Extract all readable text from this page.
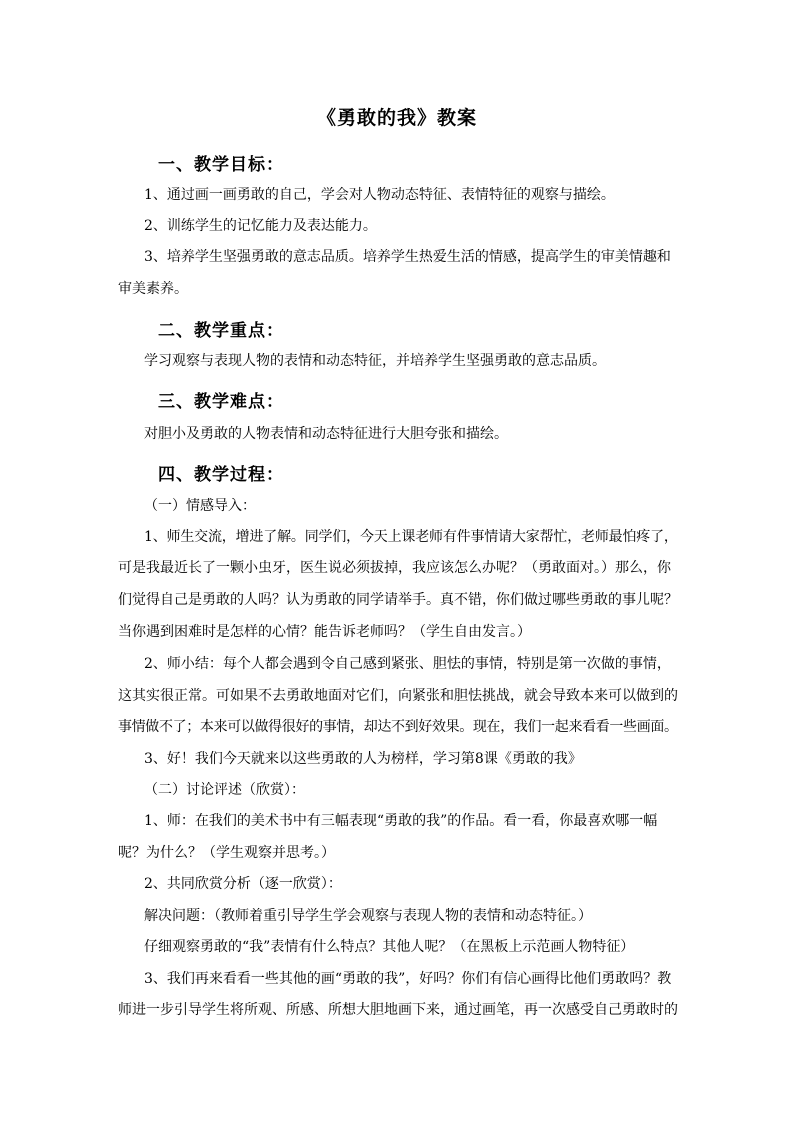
《勇敢的我》教案
一、教学目标：
1、通过画一画勇敢的自己，学会对人物动态特征、表情特征的观察与描绘。
2、训练学生的记忆能力及表达能力。
3、培养学生坚强勇敢的意志品质。培养学生热爱生活的情感，提高学生的审美情趣和
审美素养。
二、教学重点：
学习观察与表现人物的表情和动态特征，并培养学生坚强勇敢的意志品质。
三、教学难点：
对胆小及勇敢的人物表情和动态特征进行大胆夸张和描绘。
四、教学过程：
（一）情感导入：
1、师生交流，增进了解。同学们，今天上课老师有件事情请大家帮忙，老师最怕疼了，
可是我最近长了一颗小虫牙，医生说必须拔掉，我应该怎么办呢？（勇敢面对。）那么，你
们觉得自己是勇敢的人吗？认为勇敢的同学请举手。真不错，你们做过哪些勇敢的事儿呢？
当你遇到困难时是怎样的心情？能告诉老师吗？（学生自由发言。）
2、师小结：每个人都会遇到令自己感到紧张、胆怯的事情，特别是第一次做的事情，
这其实很正常。可如果不去勇敢地面对它们，向紧张和胆怯挑战，就会导致本来可以做到的
事情做不了；本来可以做得很好的事情，却达不到好效果。现在，我们一起来看看一些画面。
3、好！我们今天就来以这些勇敢的人为榜样，学习第8课《勇敢的我》
（二）讨论评述（欣赏）：
1、师：在我们的美术书中有三幅表现“勇敢的我”的作品。看一看，你最喜欢哪一幅
呢？为什么？（学生观察并思考。）
2、共同欣赏分析（逐一欣赏）：
解决问题：（教师着重引导学生学会观察与表现人物的表情和动态特征。）
仔细观察勇敢的“我”表情有什么特点？其他人呢？（在黑板上示范画人物特征）
3、我们再来看看一些其他的画“勇敢的我”，好吗？你们有信心画得比他们勇敢吗？教
师进一步引导学生将所观、所感、所想大胆地画下来，通过画笔，再一次感受自己勇敢时的
